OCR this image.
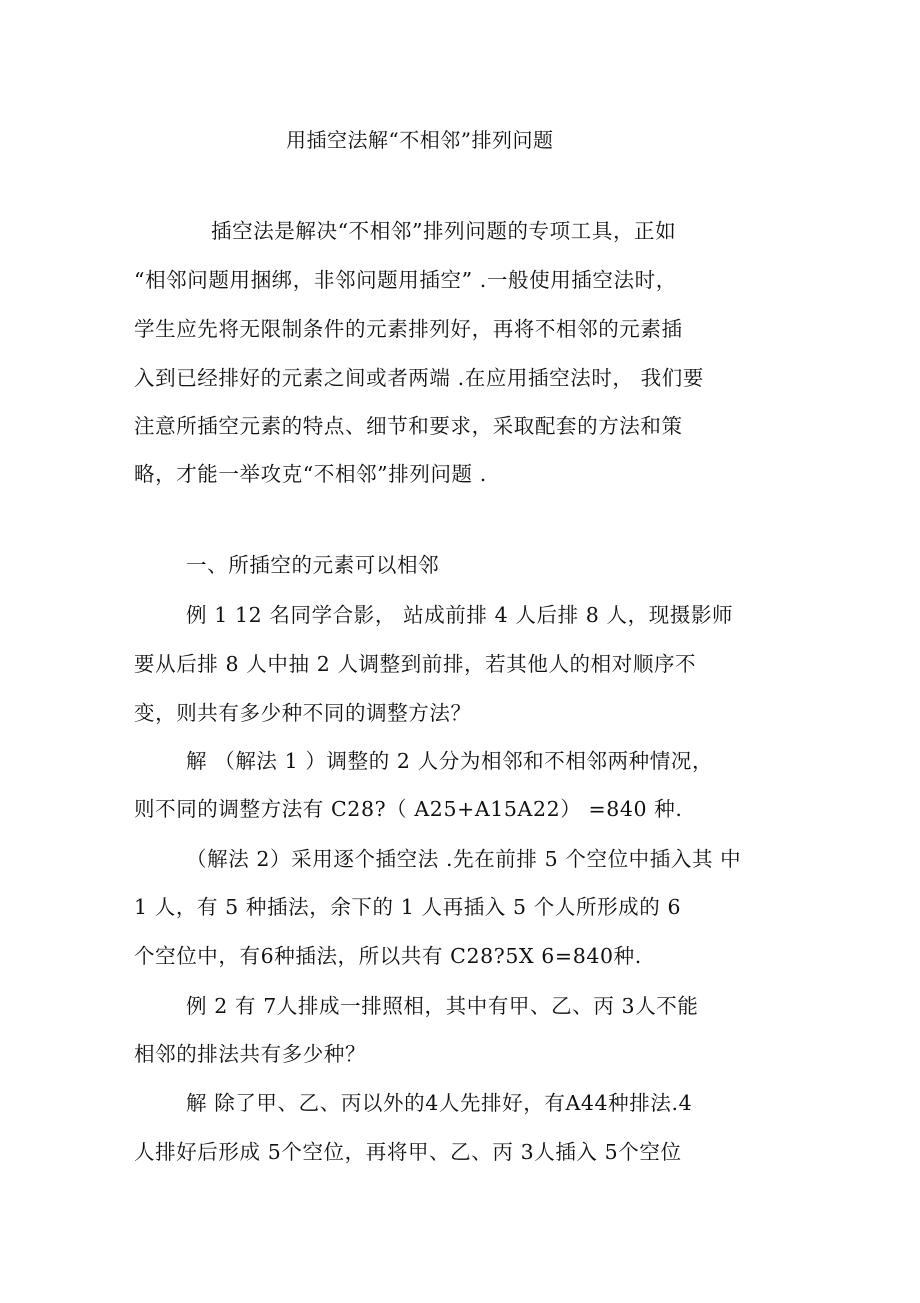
用插空法解“不相邻”排列问题
插空法是解决“不相邻”排列问题的专项工具，正如
“相邻问题用捆绑，非邻问题用插空” .一般使用插空法时，
学生应先将无限制条件的元素排列好，再将不相邻的元素插
入到已经排好的元素之间或者两端 .在应用插空法时， 我们要
注意所插空元素的特点、细节和要求，采取配套的方法和策
略，才能一举攻克“不相邻”排列问题 .
一、所插空的元素可以相邻
例 1 12 名同学合影， 站成前排 4 人后排 8 人，现摄影师
要从后排 8 人中抽 2 人调整到前排，若其他人的相对顺序不
变，则共有多少种不同的调整方法？
解 （解法 1 ）调整的 2 人分为相邻和不相邻两种情况，
则不同的调整方法有 C28?（ A25+A15A22） =840 种.
（解法 2）采用逐个插空法 .先在前排 5 个空位中插入其 中
1 人，有 5 种插法，余下的 1 人再插入 5 个人所形成的 6
个空位中，有6种插法，所以共有 C28?5X 6=840种.
例 2 有 7人排成一排照相，其中有甲、乙、丙 3人不能
相邻的排法共有多少种？
解 除了甲、乙、丙以外的4人先排好，有A44种排法.4
人排好后形成 5个空位，再将甲、乙、丙 3人插入 5个空位
